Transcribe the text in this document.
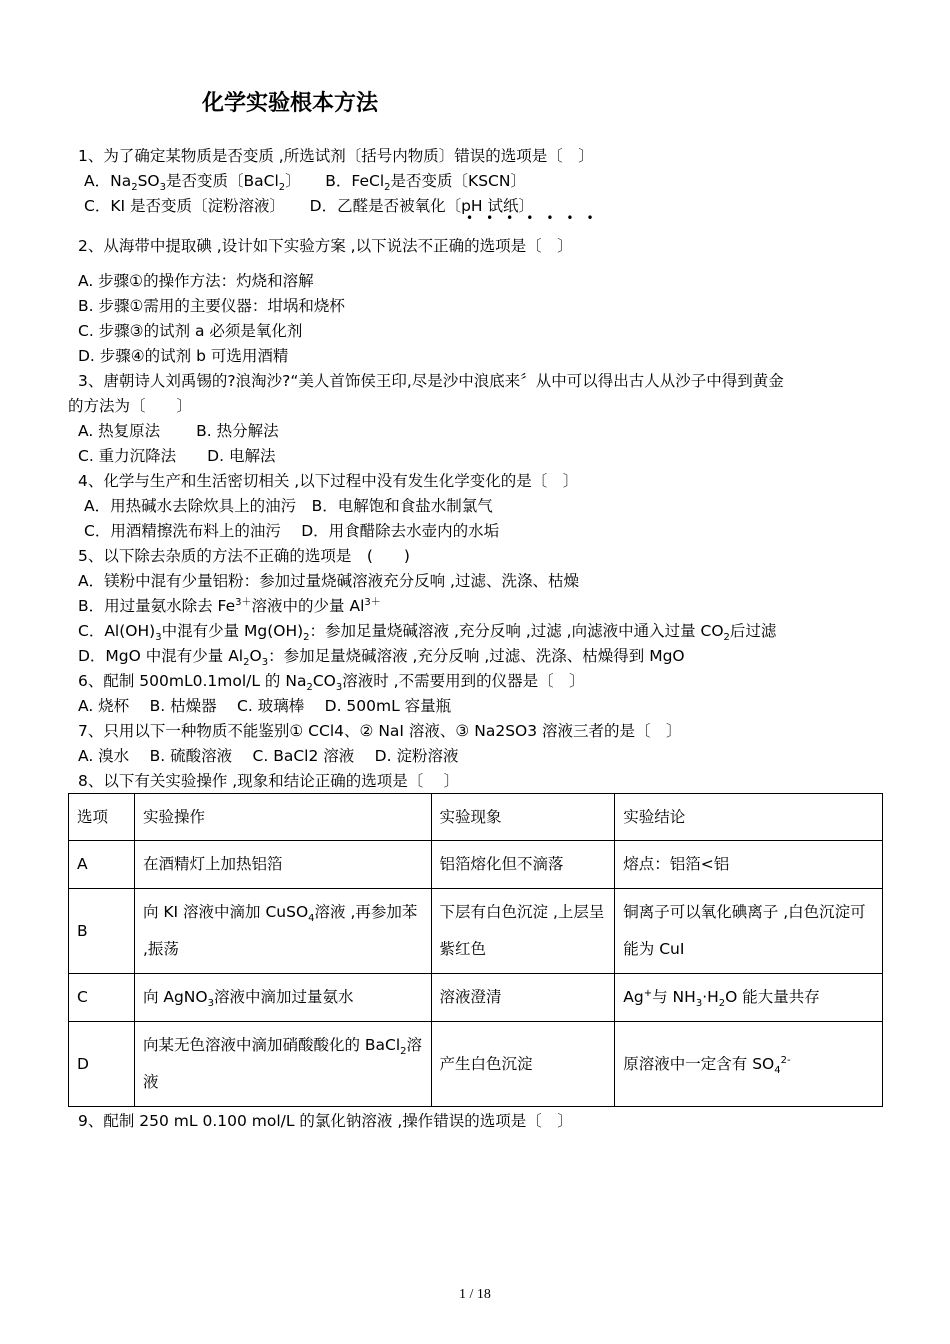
化学实验根本方法
1、为了确定某物质是否变质 ,所选试剂〔括号内物质〕错误的选项是〔　〕
A．$Na_2SO_3$是否变质〔BaCl$_2$〕 B．FeCl$_2$是否变质〔KSCN〕
C．KI 是否变质〔淀粉溶液〕 D．乙醛是否被氧化〔pH 试纸〕
•••••••
2、从海带中提取碘 ,设计如下实验方案 ,以下说法不正确的选项是〔　〕
A. 步骤①的操作方法：灼烧和溶解
B. 步骤①需用的主要仪器：坩埚和烧杯
C. 步骤③的试剂 a 必须是氧化剂
D. 步骤④的试剂 b 可选用酒精
3、唐朝诗人刘禹锡的?浪淘沙?“美人首饰侯王印,尽是沙中浪底来〞从中可以得出古人从沙子中得到黄金
的方法为〔　　〕
A. 热复原法　　 B. 热分解法
C. 重力沉降法　　D. 电解法
4、化学与生产和生活密切相关 ,以下过程中没有发生化学变化的是〔　〕
A．用热碱水去除炊具上的油污　B．电解饱和食盐水制氯气
C．用酒精擦洗布料上的油污　 D．用食醋除去水壶内的水垢
5、以下除去杂质的方法不正确的选项是　(　　)
A．镁粉中混有少量铝粉：参加过量烧碱溶液充分反响 ,过滤、洗涤、枯燥
B．用过量氨水除去 $Fe^{3+}$溶液中的少量 $Al^{3+}$
C．$Al(OH)_3$中混有少量 $Mg(OH)_2$：参加足量烧碱溶液 ,充分反响 ,过滤 ,向滤液中通入过量 $CO_2$后过滤
D．MgO 中混有少量 $Al_2O_3$：参加足量烧碱溶液 ,充分反响 ,过滤、洗涤、枯燥得到 MgO
6、配制 500mL0.1mol/L 的 $Na_2CO_3$溶液时 ,不需要用到的仪器是〔　〕
A. 烧杯　 B. 枯燥器　 C. 玻璃棒　 D. 500mL 容量瓶
7、只用以下一种物质不能鉴别① CCl4、② NaI 溶液、③ Na2SO3 溶液三者的是〔　〕
A. 溴水　 B. 硫酸溶液　 C. BaCl2 溶液　 D. 淀粉溶液
8、以下有关实验操作 ,现象和结论正确的选项是〔　 〕
选项	实验操作	实验现象	实验结论
A	在酒精灯上加热铝箔	铝箔熔化但不滴落	熔点：铝箔<铝
B	向 KI 溶液中滴加 CuSO$_4$溶液 ,再参加苯 ,振荡	下层有白色沉淀 ,上层呈紫红色	铜离子可以氧化碘离子 ,白色沉淀可能为 CuI
C	向 AgNO$_3$溶液中滴加过量氨水	溶液澄清	Ag+与 $NH_3\cdot H_2O$ 能大量共存
D	向某无色溶液中滴加硝酸酸化的 BaCl$_2$溶液	产生白色沉淀	原溶液中一定含有 $SO_4^{2-}$
9、配制 250 mL 0.100 mol/L 的氯化钠溶液 ,操作错误的选项是〔　〕
1 / 18
